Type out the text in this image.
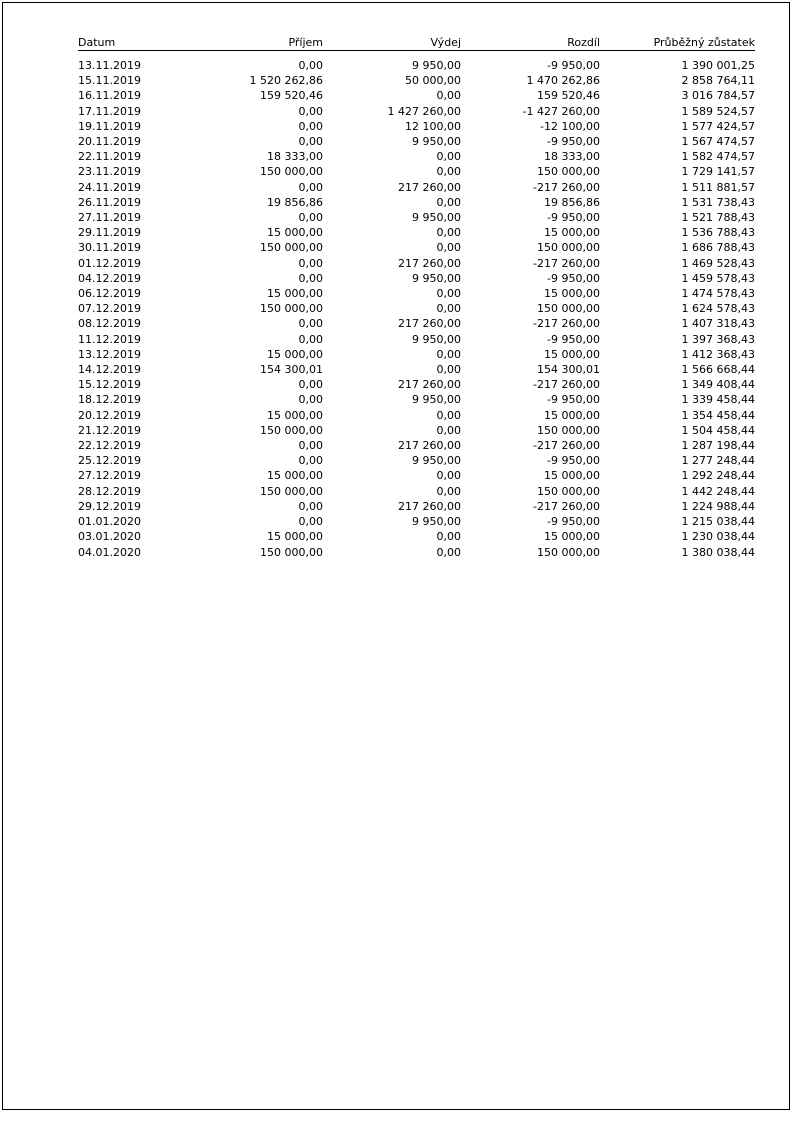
Datum	Příjem	Výdej	Rozdíl	Průběžný zůstatek
13.11.2019	0,00	9 950,00	-9 950,00	1 390 001,25
15.11.2019	1 520 262,86	50 000,00	1 470 262,86	2 858 764,11
16.11.2019	159 520,46	0,00	159 520,46	3 016 784,57
17.11.2019	0,00	1 427 260,00	-1 427 260,00	1 589 524,57
19.11.2019	0,00	12 100,00	-12 100,00	1 577 424,57
20.11.2019	0,00	9 950,00	-9 950,00	1 567 474,57
22.11.2019	18 333,00	0,00	18 333,00	1 582 474,57
23.11.2019	150 000,00	0,00	150 000,00	1 729 141,57
24.11.2019	0,00	217 260,00	-217 260,00	1 511 881,57
26.11.2019	19 856,86	0,00	19 856,86	1 531 738,43
27.11.2019	0,00	9 950,00	-9 950,00	1 521 788,43
29.11.2019	15 000,00	0,00	15 000,00	1 536 788,43
30.11.2019	150 000,00	0,00	150 000,00	1 686 788,43
01.12.2019	0,00	217 260,00	-217 260,00	1 469 528,43
04.12.2019	0,00	9 950,00	-9 950,00	1 459 578,43
06.12.2019	15 000,00	0,00	15 000,00	1 474 578,43
07.12.2019	150 000,00	0,00	150 000,00	1 624 578,43
08.12.2019	0,00	217 260,00	-217 260,00	1 407 318,43
11.12.2019	0,00	9 950,00	-9 950,00	1 397 368,43
13.12.2019	15 000,00	0,00	15 000,00	1 412 368,43
14.12.2019	154 300,01	0,00	154 300,01	1 566 668,44
15.12.2019	0,00	217 260,00	-217 260,00	1 349 408,44
18.12.2019	0,00	9 950,00	-9 950,00	1 339 458,44
20.12.2019	15 000,00	0,00	15 000,00	1 354 458,44
21.12.2019	150 000,00	0,00	150 000,00	1 504 458,44
22.12.2019	0,00	217 260,00	-217 260,00	1 287 198,44
25.12.2019	0,00	9 950,00	-9 950,00	1 277 248,44
27.12.2019	15 000,00	0,00	15 000,00	1 292 248,44
28.12.2019	150 000,00	0,00	150 000,00	1 442 248,44
29.12.2019	0,00	217 260,00	-217 260,00	1 224 988,44
01.01.2020	0,00	9 950,00	-9 950,00	1 215 038,44
03.01.2020	15 000,00	0,00	15 000,00	1 230 038,44
04.01.2020	150 000,00	0,00	150 000,00	1 380 038,44
